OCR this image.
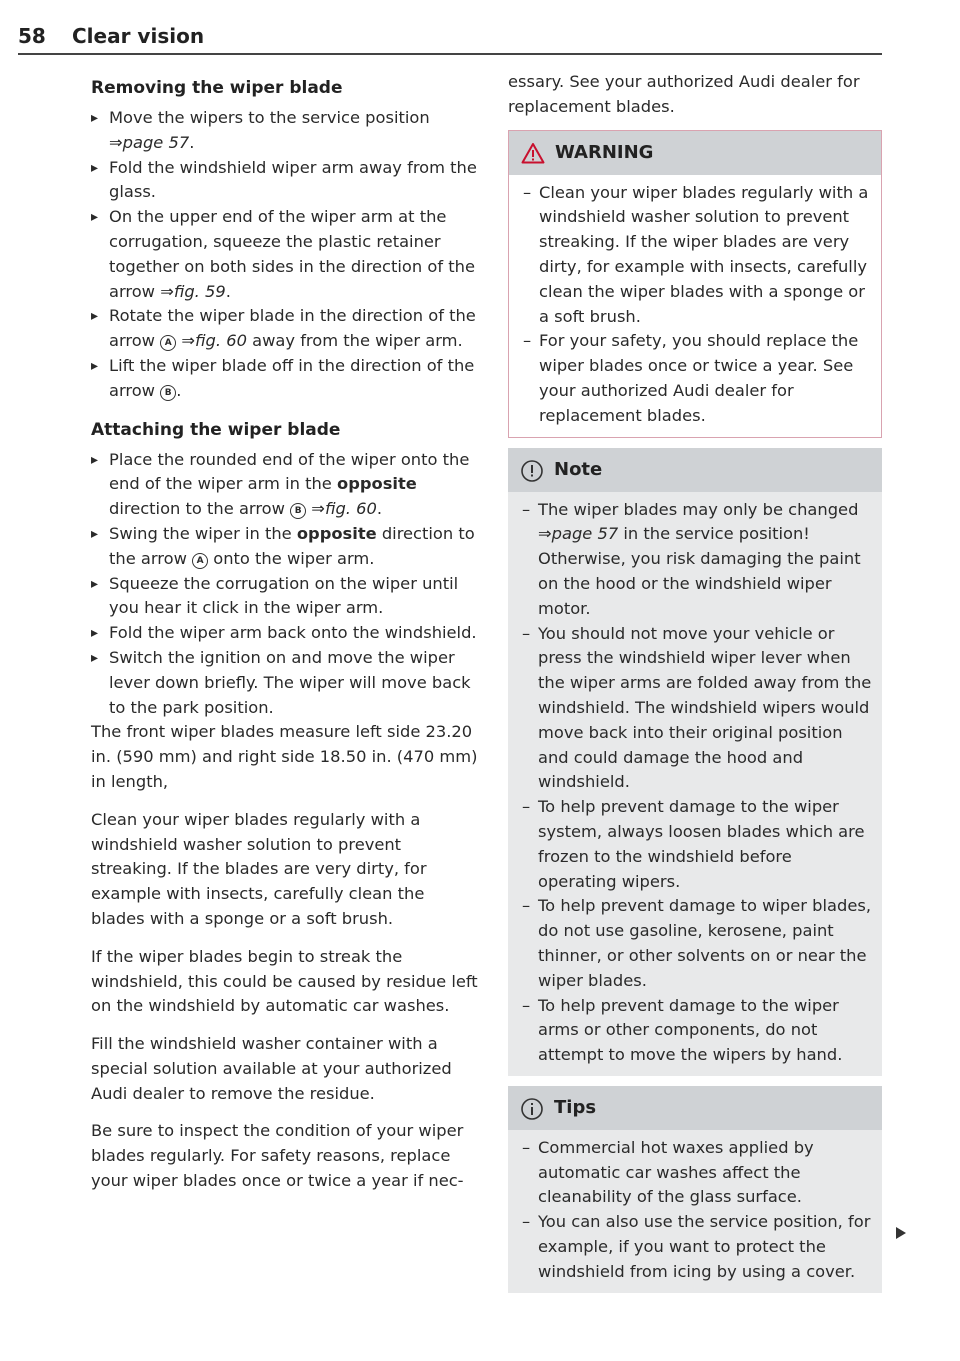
58 Clear vision
Removing the wiper blade
▸ Move the wipers to the service position ⇒page 57.
▸ Fold the windshield wiper arm away from the glass.
▸ On the upper end of the wiper arm at the corrugation, squeeze the plastic retainer together on both sides in the direction of the arrow ⇒fig. 59.
▸ Rotate the wiper blade in the direction of the arrow A ⇒fig. 60 away from the wiper arm.
▸ Lift the wiper blade off in the direction of the arrow B .
Attaching the wiper blade
▸ Place the rounded end of the wiper onto the end of the wiper arm in the opposite direction to the arrow B ⇒fig. 60.
▸ Swing the wiper in the opposite direction to the arrow A onto the wiper arm.
▸ Squeeze the corrugation on the wiper until you hear it click in the wiper arm.
▸ Fold the wiper arm back onto the windshield.
▸ Switch the ignition on and move the wiper lever down briefly. The wiper will move back to the park position.

The front wiper blades measure left side 23.20 in. (590 mm) and right side 18.50 in. (470 mm) in length,

Clean your wiper blades regularly with a windshield washer solution to prevent streaking. If the blades are very dirty, for example with insects, carefully clean the blades with a sponge or a soft brush.

If the wiper blades begin to streak the windshield, this could be caused by residue left on the windshield by automatic car washes.

Fill the windshield washer container with a special solution available at your authorized Audi dealer to remove the residue.

Be sure to inspect the condition of your wiper blades regularly. For safety reasons, replace your wiper blades once or twice a year if nec-

essary. See your authorized Audi dealer for replacement blades.

WARNING
– Clean your wiper blades regularly with a windshield washer solution to prevent streaking. If the wiper blades are very dirty, for example with insects, carefully clean the wiper blades with a sponge or a soft brush.
– For your safety, you should replace the wiper blades once or twice a year. See your authorized Audi dealer for replacement blades.
Note
– The wiper blades may only be changed ⇒page 57 in the service position! Otherwise, you risk damaging the paint on the hood or the windshield wiper motor.
– You should not move your vehicle or press the windshield wiper lever when the wiper arms are folded away from the windshield. The windshield wipers would move back into their original position and could damage the hood and windshield.
– To help prevent damage to the wiper system, always loosen blades which are frozen to the windshield before operating wipers.
– To help prevent damage to wiper blades, do not use gasoline, kerosene, paint thinner, or other solvents on or near the wiper blades.
– To help prevent damage to the wiper arms or other components, do not attempt to move the wipers by hand.
Tips
– Commercial hot waxes applied by automatic car washes affect the cleanability of the glass surface.
– You can also use the service position, for example, if you want to protect the windshield from icing by using a cover.
